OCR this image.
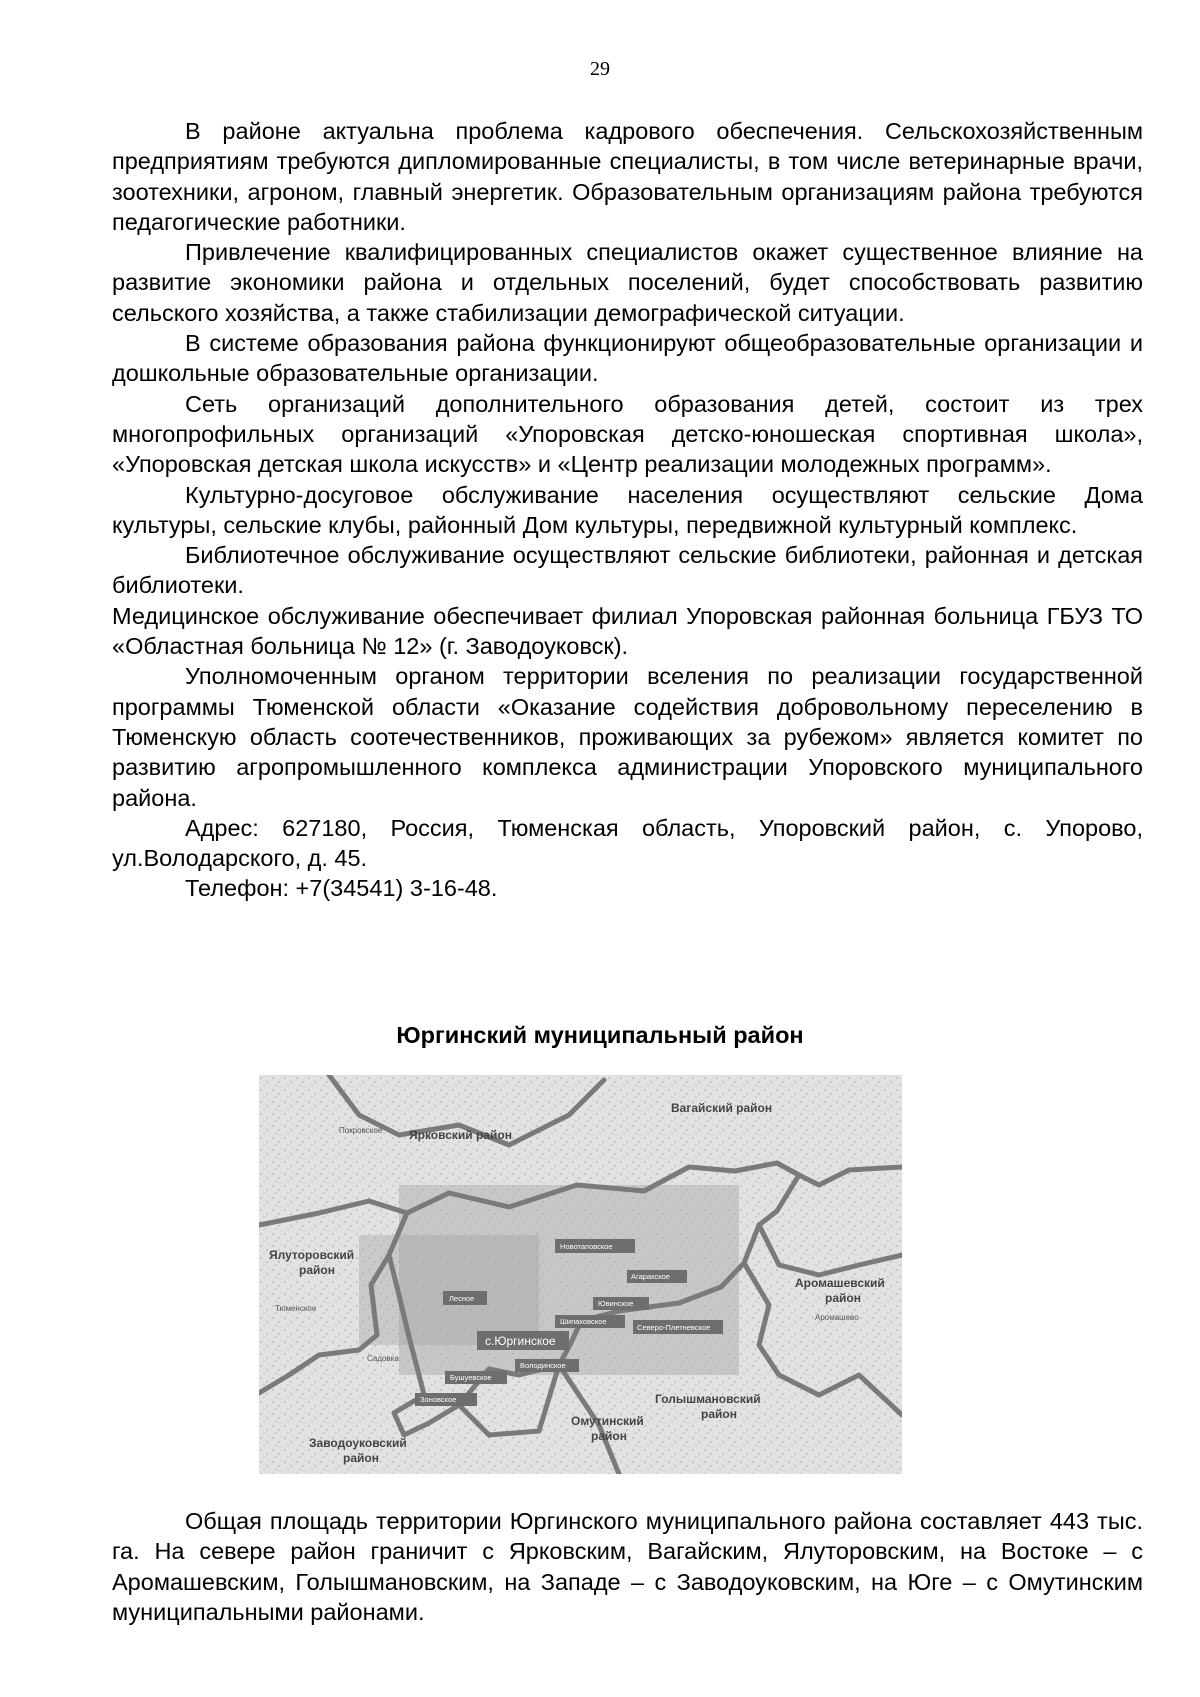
29

В районе актуальна проблема кадрового обеспечения. Сельскохозяйственным предприятиям требуются дипломированные специалисты, в том числе ветеринарные врачи, зоотехники, агроном, главный энергетик. Образовательным организациям района требуются педагогические работники.

Привлечение квалифицированных специалистов окажет существенное влияние на развитие экономики района и отдельных поселений, будет способствовать развитию сельского хозяйства, а также стабилизации демографической ситуации.

В системе образования района функционируют общеобразовательные организации и дошкольные образовательные организации.

Сеть организаций дополнительного образования детей, состоит из трех многопрофильных организаций «Упоровская детско-юношеская спортивная школа», «Упоровская детская школа искусств» и «Центр реализации молодежных программ».

Культурно-досуговое обслуживание населения осуществляют сельские Дома культуры, сельские клубы, районный Дом культуры, передвижной культурный комплекс.

Библиотечное обслуживание осуществляют сельские библиотеки, районная и детская библиотеки.

Медицинское обслуживание обеспечивает филиал Упоровская районная больница ГБУЗ ТО «Областная больница № 12» (г. Заводоуковск).

Уполномоченным органом территории вселения по реализации государственной программы Тюменской области «Оказание содействия добровольному переселению в Тюменскую область соотечественников, проживающих за рубежом» является комитет по развитию агропромышленного комплекса администрации Упоровского муниципального района.

Адрес: 627180, Россия, Тюменская область, Упоровский район, с. Упорово, ул.Володарского, д. 45.

Телефон: +7(34541) 3-16-48.

Юргинский муниципальный район
Ярковский район
Вагайский район
Ялуторовский
район
Аромашевский
район
Голышмановский
район
Омутинский
район
Заводоуковский
район
Покровское
Аромашево
Тюменское
Садовка
Новотаповское
Агаракское
Лесное
Ювинское
Шипаховское
Северо-Плетневское
с.Юргинское
Володинское
Бушуевское
Зоновское

Общая площадь территории Юргинского муниципального района составляет 443 тыс. га. На севере район граничит с Ярковским, Вагайским, Ялуторовским, на Востоке – с Аромашевским, Голышмановским, на Западе – с Заводоуковским, на Юге – с Омутинским муниципальными районами.
